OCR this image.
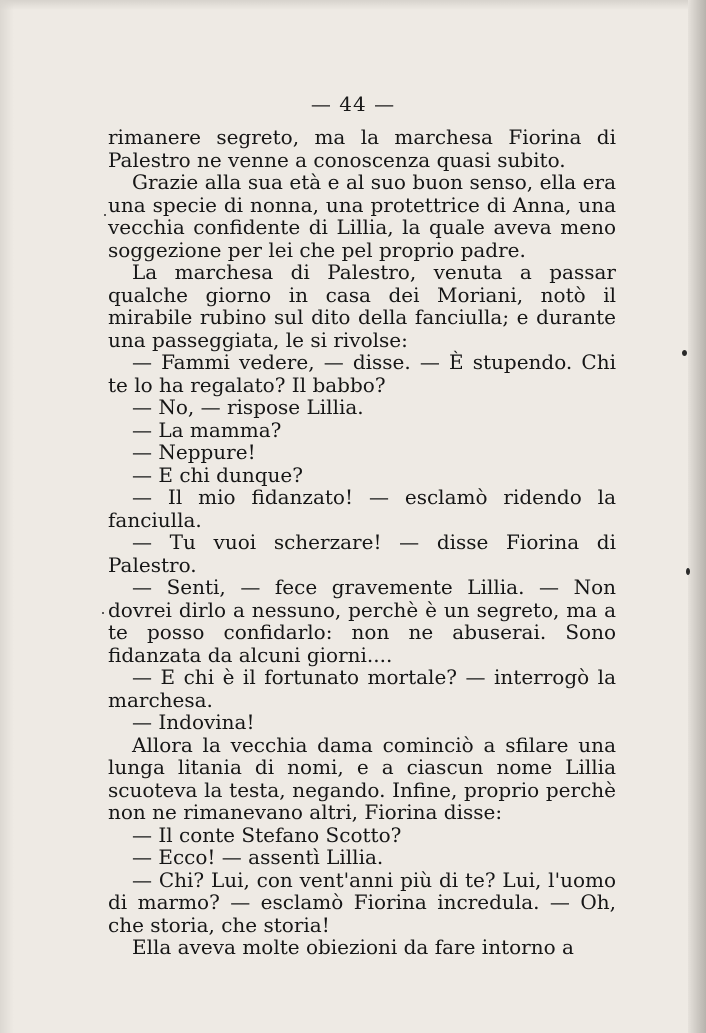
— 44 —

rimanere segreto, ma la marchesa Fiorina di Palestro ne venne a conoscenza quasi subito.

Grazie alla sua età e al suo buon senso, ella era una specie di nonna, una protettrice di Anna, una vecchia confidente di Lillia, la quale aveva meno soggezione per lei che pel proprio padre.

La marchesa di Palestro, venuta a passar qualche giorno in casa dei Moriani, notò il mirabile rubino sul dito della fanciulla; e durante una passeggiata, le si rivolse:

— Fammi vedere, — disse. — È stupendo. Chi te lo ha regalato? Il babbo?

— No, — rispose Lillia.

— La mamma?

— Neppure!

— E chi dunque?

— Il mio fidanzato! — esclamò ridendo la fanciulla.

— Tu vuoi scherzare! — disse Fiorina di Palestro.

— Senti, — fece gravemente Lillia. — Non dovrei dirlo a nessuno, perchè è un segreto, ma a te posso confidarlo: non ne abuserai. Sono fidanzata da alcuni giorni....

— E chi è il fortunato mortale? — interrogò la marchesa.

— Indovina!

Allora la vecchia dama cominciò a sfilare una lunga litania di nomi, e a ciascun nome Lillia scuoteva la testa, negando. Infine, proprio perchè non ne rimanevano altri, Fiorina disse:

— Il conte Stefano Scotto?

— Ecco! — assentì Lillia.

— Chi? Lui, con vent'anni più di te? Lui, l'uomo di marmo? — esclamò Fiorina incredula. — Oh, che storia, che storia!

Ella aveva molte obiezioni da fare intorno a
